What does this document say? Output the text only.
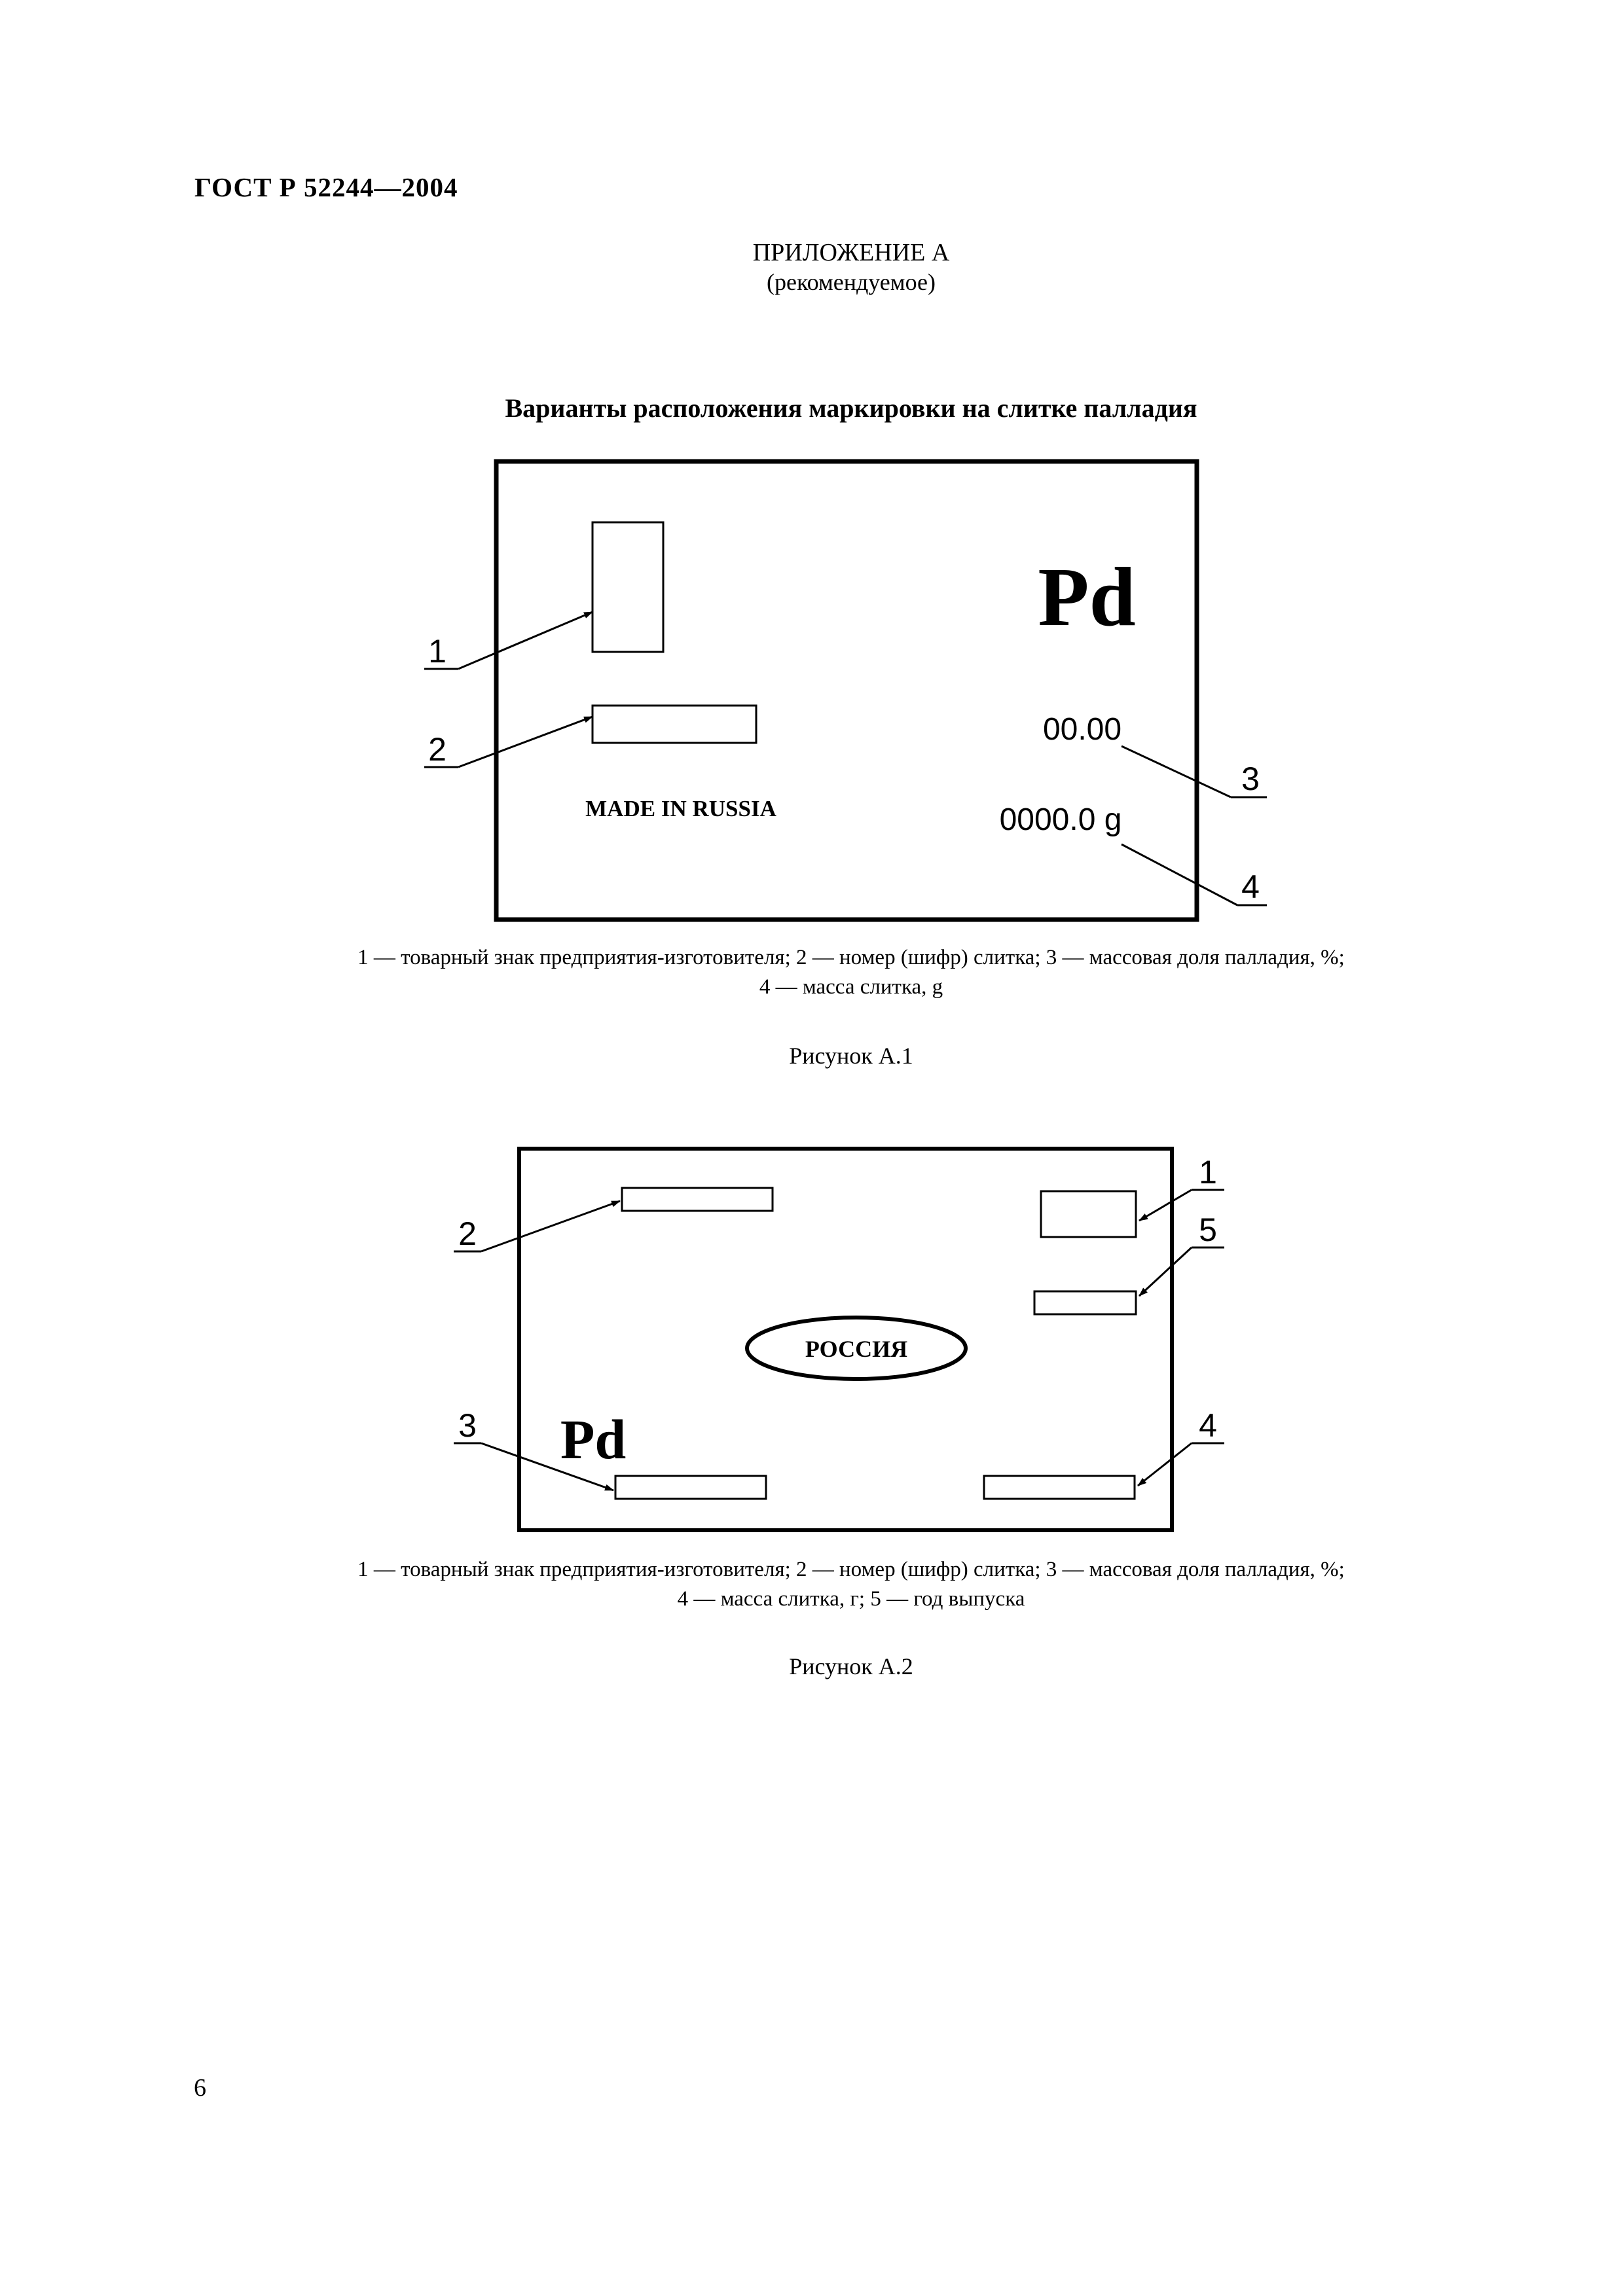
ГОСТ Р 52244—2004
ПРИЛОЖЕНИЕ А
(рекомендуемое)
Варианты расположения маркировки на слитке палладия
Pd
00.00
0000.0 g
MADE IN RUSSIA
1
2
3
4
РОССИЯ
Pd
1
5
2
3	4
1 — товарный знак предприятия-изготовителя; 2 — номер (шифр) слитка; 3 — массовая доля палладия, %;
4 — масса слитка, g
Рисунок А.1
1 — товарный знак предприятия-изготовителя; 2 — номер (шифр) слитка; 3 — массовая доля палладия, %;
4 — масса слитка, г; 5 — год выпуска
Рисунок А.2
6
